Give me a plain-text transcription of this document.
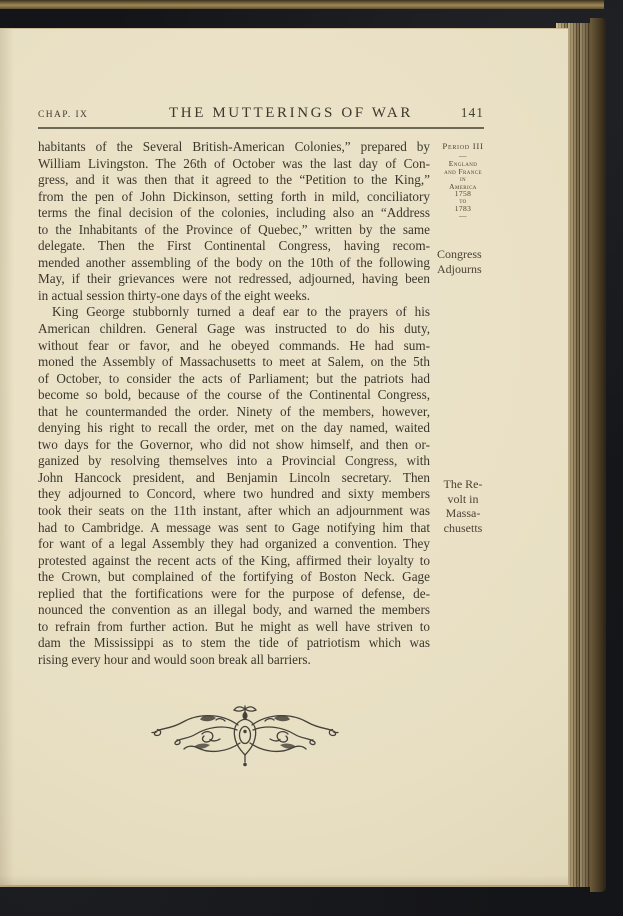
CHAP. IX	THE MUTTERINGS OF WAR	141
habitants of the Several British-American Colonies,” prepared by
William Livingston. The 26th of October was the last day of Con-
gress, and it was then that it agreed to the “Petition to the King,”
from the pen of John Dickinson, setting forth in mild, conciliatory
terms the final decision of the colonies, including also an “Address
to the Inhabitants of the Province of Quebec,” written by the same
delegate. Then the First Continental Congress, having recom-
mended another assembling of the body on the 10th of the following
May, if their grievances were not redressed, adjourned, having been
in actual session thirty-one days of the eight weeks.
King George stubbornly turned a deaf ear to the prayers of his
American children. General Gage was instructed to do his duty,
without fear or favor, and he obeyed commands. He had sum-
moned the Assembly of Massachusetts to meet at Salem, on the 5th
of October, to consider the acts of Parliament; but the patriots had
become so bold, because of the course of the Continental Congress,
that he countermanded the order. Ninety of the members, however,
denying his right to recall the order, met on the day named, waited
two days for the Governor, who did not show himself, and then or-
ganized by resolving themselves into a Provincial Congress, with
John Hancock president, and Benjamin Lincoln secretary. Then
they adjourned to Concord, where two hundred and sixty members
took their seats on the 11th instant, after which an adjournment was
had to Cambridge. A message was sent to Gage notifying him that
for want of a legal Assembly they had organized a convention. They
protested against the recent acts of the King, affirmed their loyalty to
the Crown, but complained of the fortifying of Boston Neck. Gage
replied that the fortifications were for the purpose of defense, de-
nounced the convention as an illegal body, and warned the members
to refrain from further action. But he might as well have striven to
dam the Mississippi as to stem the tide of patriotism which was
rising every hour and would soon break all barriers.
Period III
—
England
and France
in
America
1758
to
1783
—
Congress
Adjourns
The Re-
volt in
Massa-
chusetts
